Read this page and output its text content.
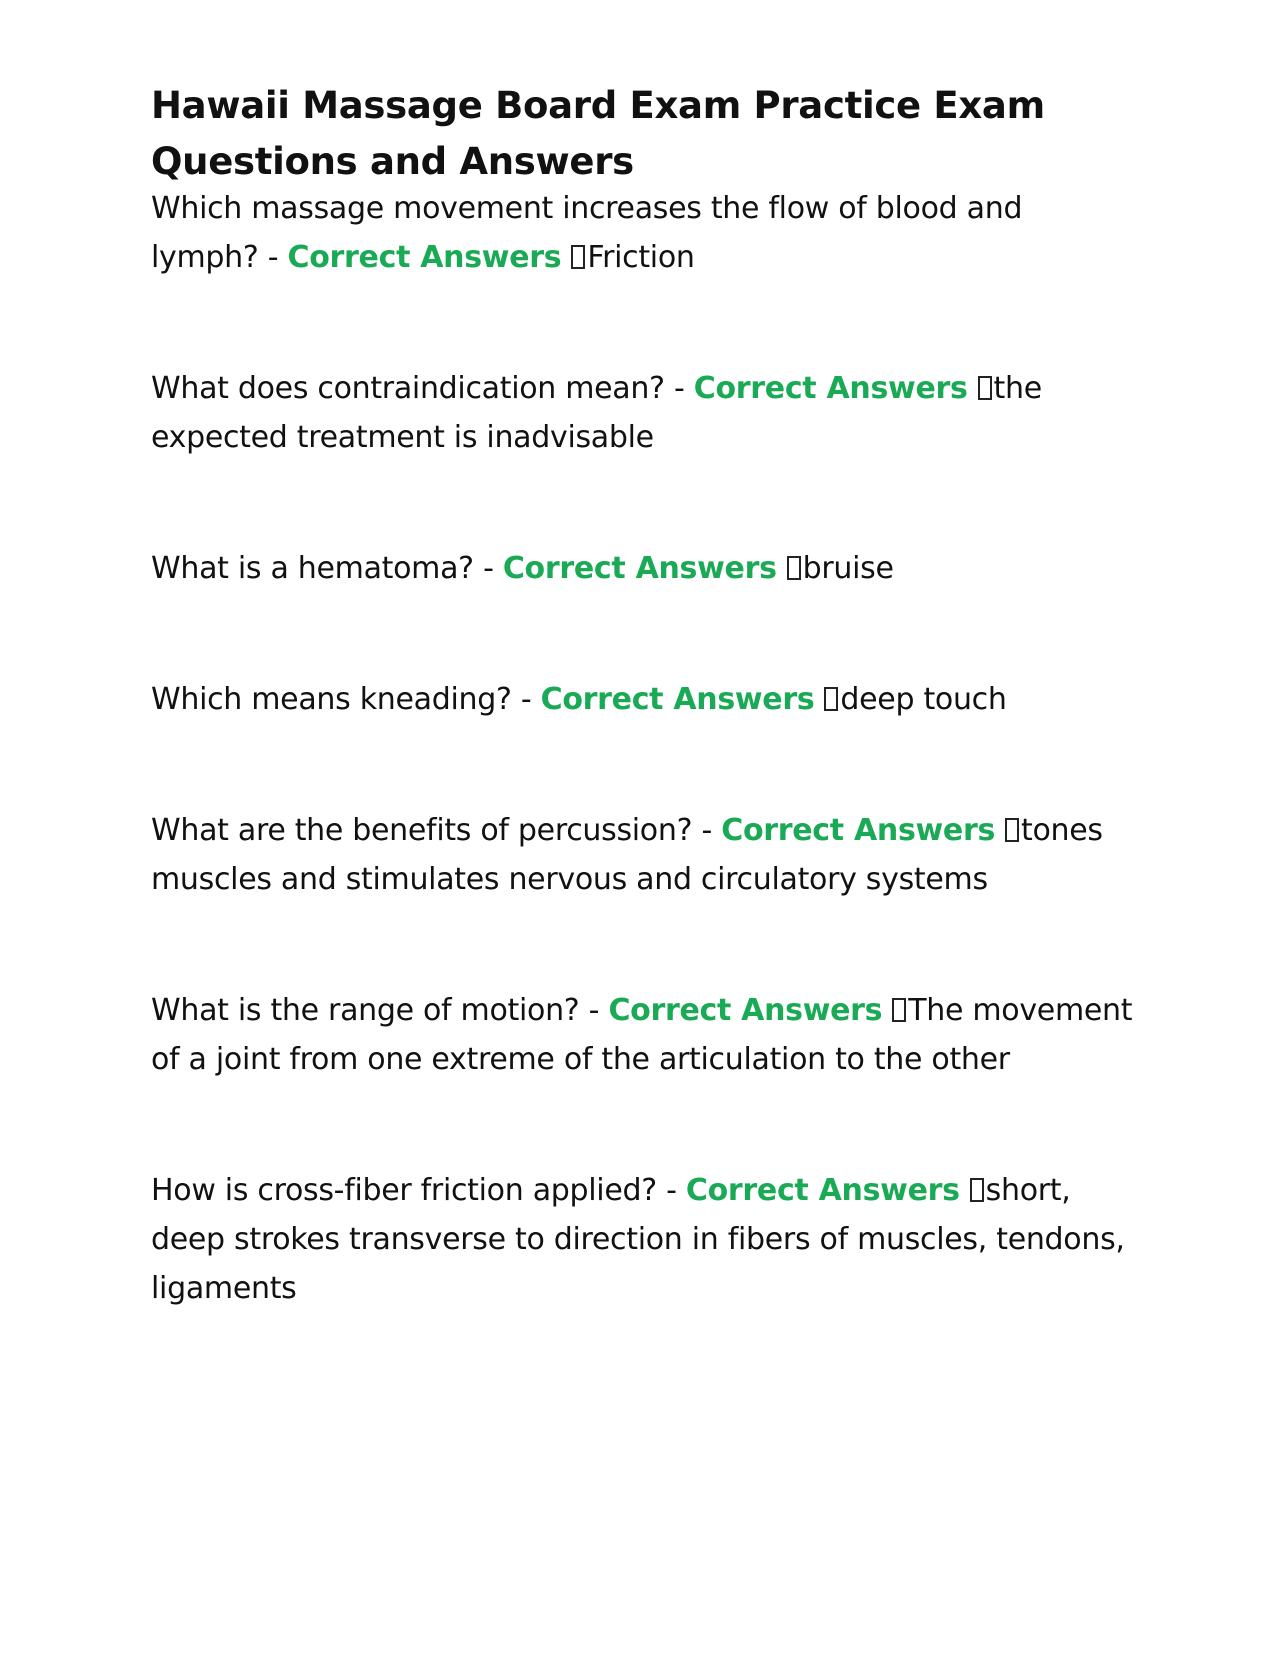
Hawaii Massage Board Exam Practice Exam Questions and Answers
Which massage movement increases the flow of blood and lymph? - Correct Answers Friction
What does contraindication mean? - Correct Answers the expected treatment is inadvisable
What is a hematoma? - Correct Answers bruise
Which means kneading? - Correct Answers deep touch
What are the benefits of percussion? - Correct Answers tones muscles and stimulates nervous and circulatory systems
What is the range of motion? - Correct Answers The movement of a joint from one extreme of the articulation to the other
How is cross-fiber friction applied? - Correct Answers short, deep strokes transverse to direction in fibers of muscles, tendons, ligaments
